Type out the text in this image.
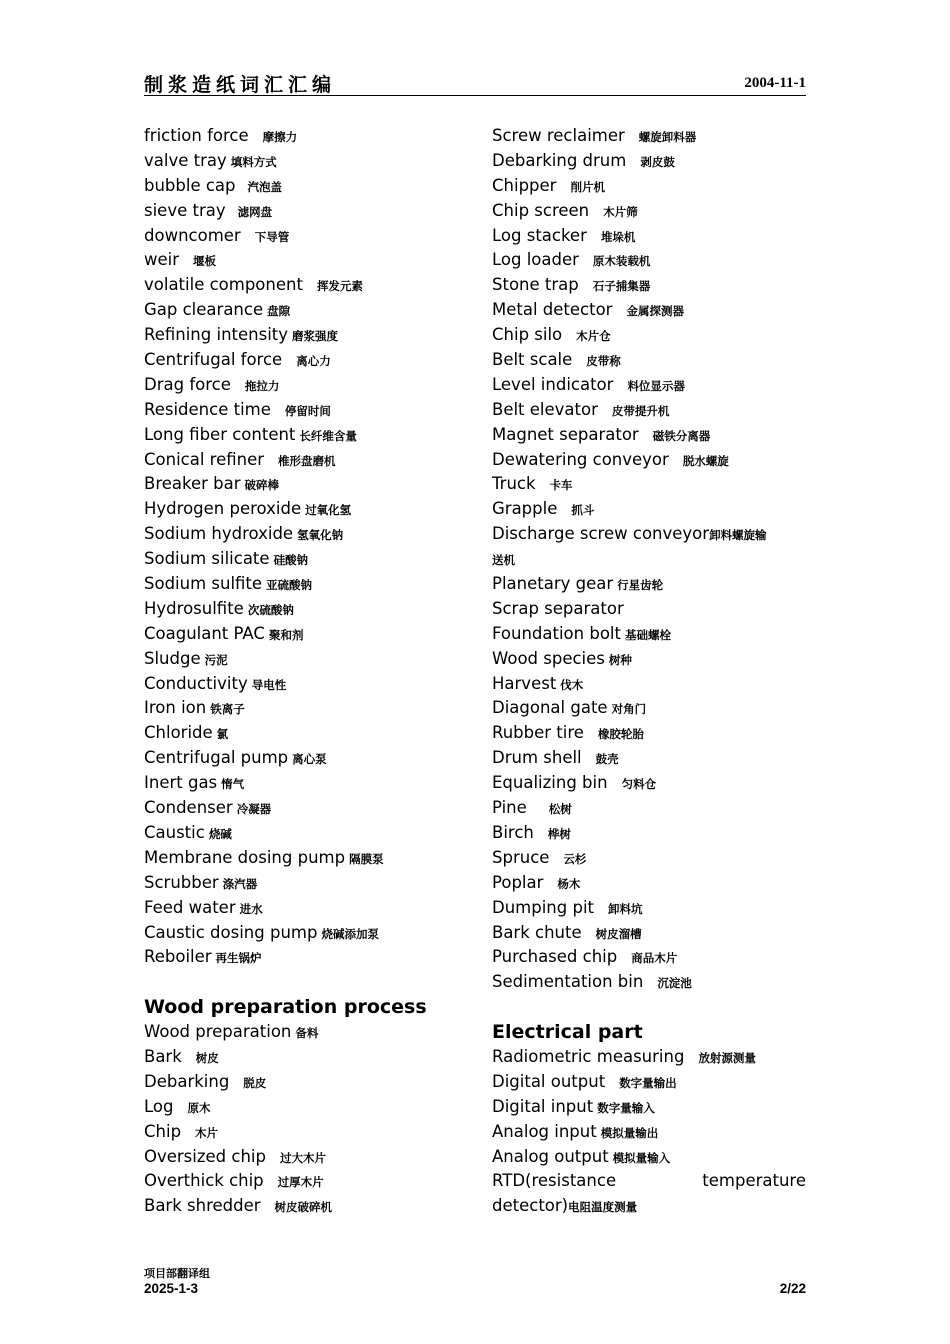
制浆造纸词汇汇编	2004-11-1
friction force 摩擦力
valve tray 填料方式
bubble cap 汽泡盖
sieve tray 滤网盘
downcomer 下导管
weir 堰板
volatile component 挥发元素
Gap clearance 盘隙
Refining intensity 磨浆强度
Centrifugal force 离心力
Drag force 拖拉力
Residence time 停留时间
Long fiber content 长纤维含量
Conical refiner 椎形盘磨机
Breaker bar 破碎棒
Hydrogen peroxide 过氧化氢
Sodium hydroxide 氢氧化钠
Sodium silicate 硅酸钠
Sodium sulfite 亚硫酸钠
Hydrosulfite 次硫酸钠
Coagulant PAC 聚和剂
Sludge 污泥
Conductivity 导电性
Iron ion 铁离子
Chloride 氯
Centrifugal pump 离心泵
Inert gas 惰气
Condenser 冷凝器
Caustic 烧碱
Membrane dosing pump 隔膜泵
Scrubber 涤汽器
Feed water 进水
Caustic dosing pump 烧碱添加泵
Reboiler 再生锅炉
Wood preparation process
Wood preparation 备料
Bark 树皮
Debarking 脱皮
Log 原木
Chip 木片
Oversized chip 过大木片
Overthick chip 过厚木片
Bark shredder 树皮破碎机
Screw reclaimer 螺旋卸料器
Debarking drum 剥皮鼓
Chipper 削片机
Chip screen 木片筛
Log stacker 堆垛机
Log loader 原木装载机
Stone trap 石子捕集器
Metal detector 金属探测器
Chip silo 木片仓
Belt scale 皮带称
Level indicator 料位显示器
Belt elevator 皮带提升机
Magnet separator 磁铁分离器
Dewatering conveyor 脱水螺旋
Truck 卡车
Grapple 抓斗
Discharge screw conveyor卸料螺旋输
送机
Planetary gear 行星齿轮
Scrap separator
Foundation bolt 基础螺栓
Wood species 树种
Harvest 伐木
Diagonal gate 对角门
Rubber tire 橡胶轮胎
Drum shell 鼓壳
Equalizing bin 匀料仓
Pine 松树
Birch 桦树
Spruce 云杉
Poplar 杨木
Dumping pit 卸料坑
Bark chute 树皮溜槽
Purchased chip 商品木片
Sedimentation bin 沉淀池
Electrical part
Radiometric measuring 放射源测量
Digital output 数字量输出
Digital input 数字量输入
Analog input 模拟量输出
Analog output 模拟量输入
RTD(resistance	temperature
detector)电阻温度测量
项目部翻译组
2025-1-3	2/22
